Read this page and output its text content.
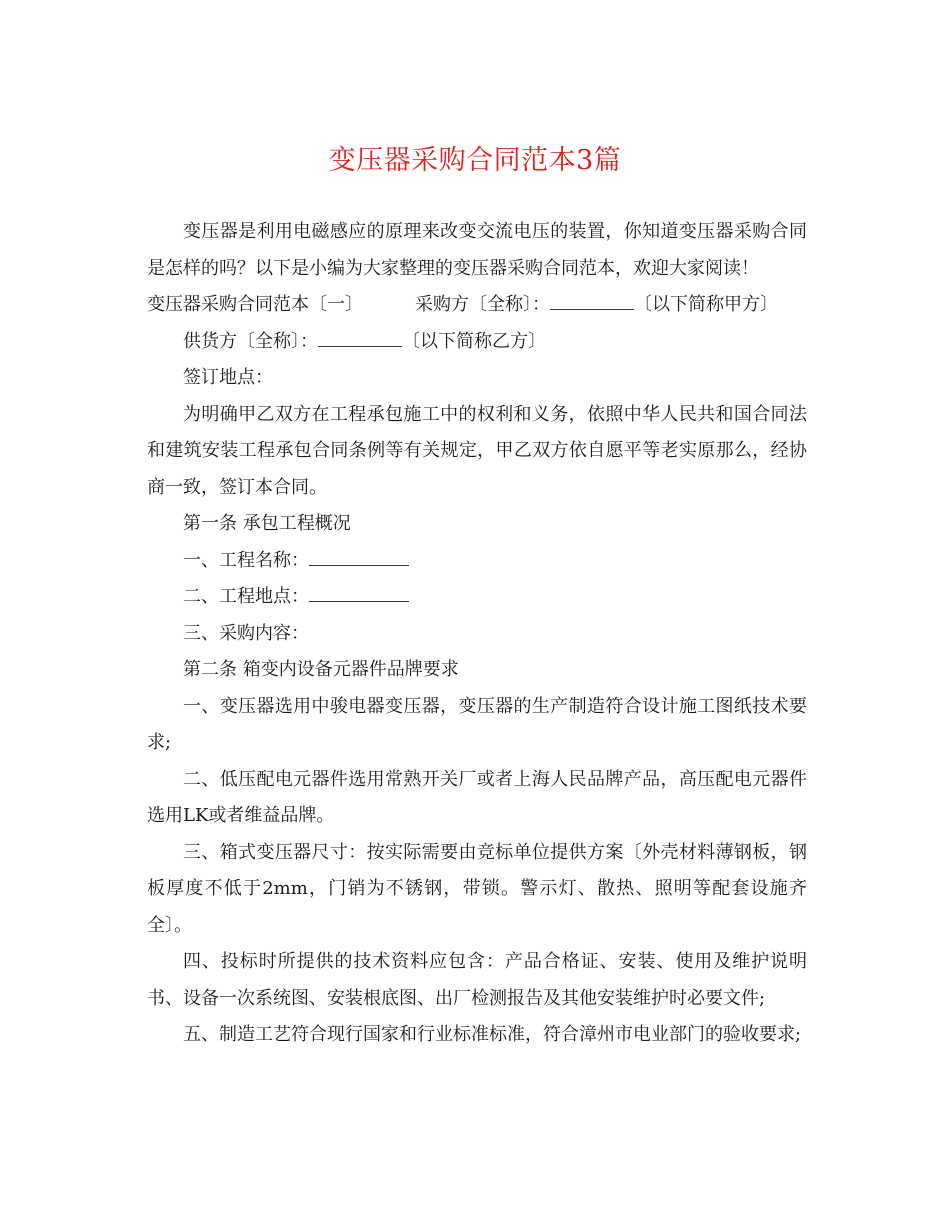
变压器采购合同范本3篇

变压器是利用电磁感应的原理来改变交流电压的装置，你知道变压器采购合同是怎样的吗？以下是小编为大家整理的变压器采购合同范本，欢迎大家阅读！

变压器采购合同范本〔一〕	采购方〔全称〕：	〔以下简称甲方〕

供货方〔全称〕：	〔以下简称乙方〕

签订地点：

为明确甲乙双方在工程承包施工中的权利和义务，依照中华人民共和国合同法和建筑安装工程承包合同条例等有关规定，甲乙双方依自愿平等老实原那么，经协商一致，签订本合同。

第一条 承包工程概况

一、工程名称：

二、工程地点：

三、采购内容：

第二条 箱变内设备元器件品牌要求

一、变压器选用中骏电器变压器，变压器的生产制造符合设计施工图纸技术要求;

二、低压配电元器件选用常熟开关厂或者上海人民品牌产品，高压配电元器件选用LK或者维益品牌。

三、箱式变压器尺寸：按实际需要由竞标单位提供方案〔外壳材料薄钢板，钢板厚度不低于2mm，门销为不锈钢，带锁。警示灯、散热、照明等配套设施齐全〕。

四、投标时所提供的技术资料应包含：产品合格证、安装、使用及维护说明书、设备一次系统图、安装根底图、出厂检测报告及其他安装维护时必要文件;

五、制造工艺符合现行国家和行业标准标准，符合漳州市电业部门的验收要求;
